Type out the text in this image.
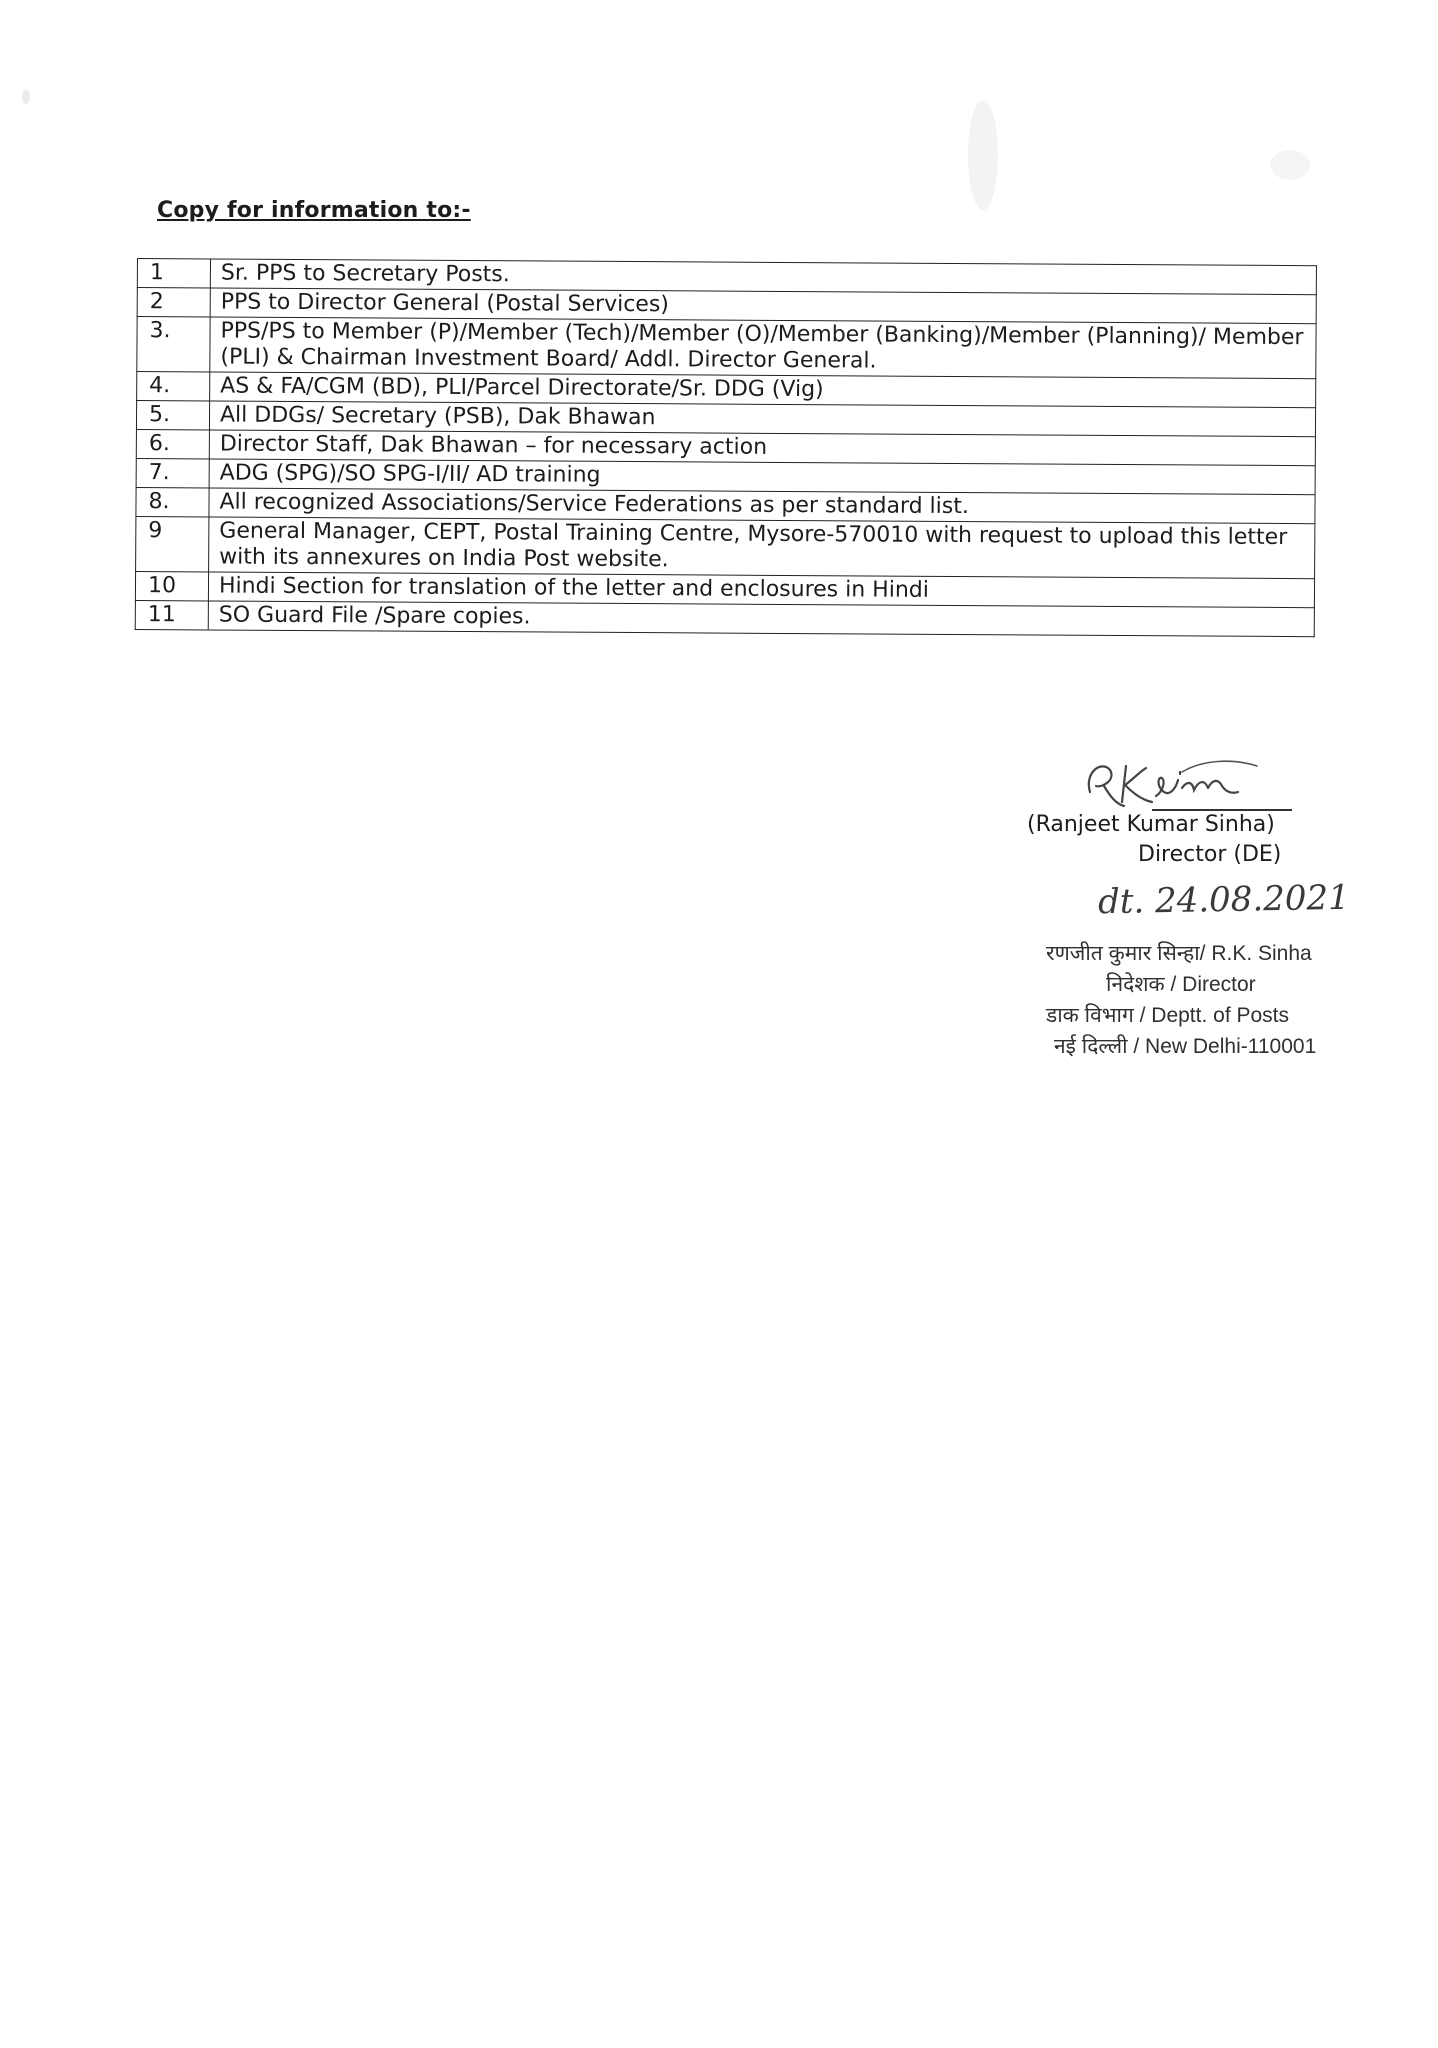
Copy for information to:-
1	Sr. PPS to Secretary Posts.
2	PPS to Director General (Postal Services)
3.	PPS/PS to Member (P)/Member (Tech)/Member (O)/Member (Banking)/Member (Planning)/ Member (PLI) & Chairman Investment Board/ Addl. Director General.
4.	AS & FA/CGM (BD), PLI/Parcel Directorate/Sr. DDG (Vig)
5.	All DDGs/ Secretary (PSB), Dak Bhawan
6.	Director Staff, Dak Bhawan – for necessary action
7.	ADG (SPG)/SO SPG-I/II/ AD training
8.	All recognized Associations/Service Federations as per standard list.
9	General Manager, CEPT, Postal Training Centre, Mysore-570010 with request to upload this letter with its annexures on India Post website.
10	Hindi Section for translation of the letter and enclosures in Hindi
11	SO Guard File /Spare copies.
(Ranjeet Kumar Sinha)
Director (DE)
dt. 24.08.2021
रणजीत कुमार सिन्हा/ R.K. Sinha
निदेशक / Director
डाक विभाग / Deptt. of Posts
नई दिल्ली / New Delhi-110001
